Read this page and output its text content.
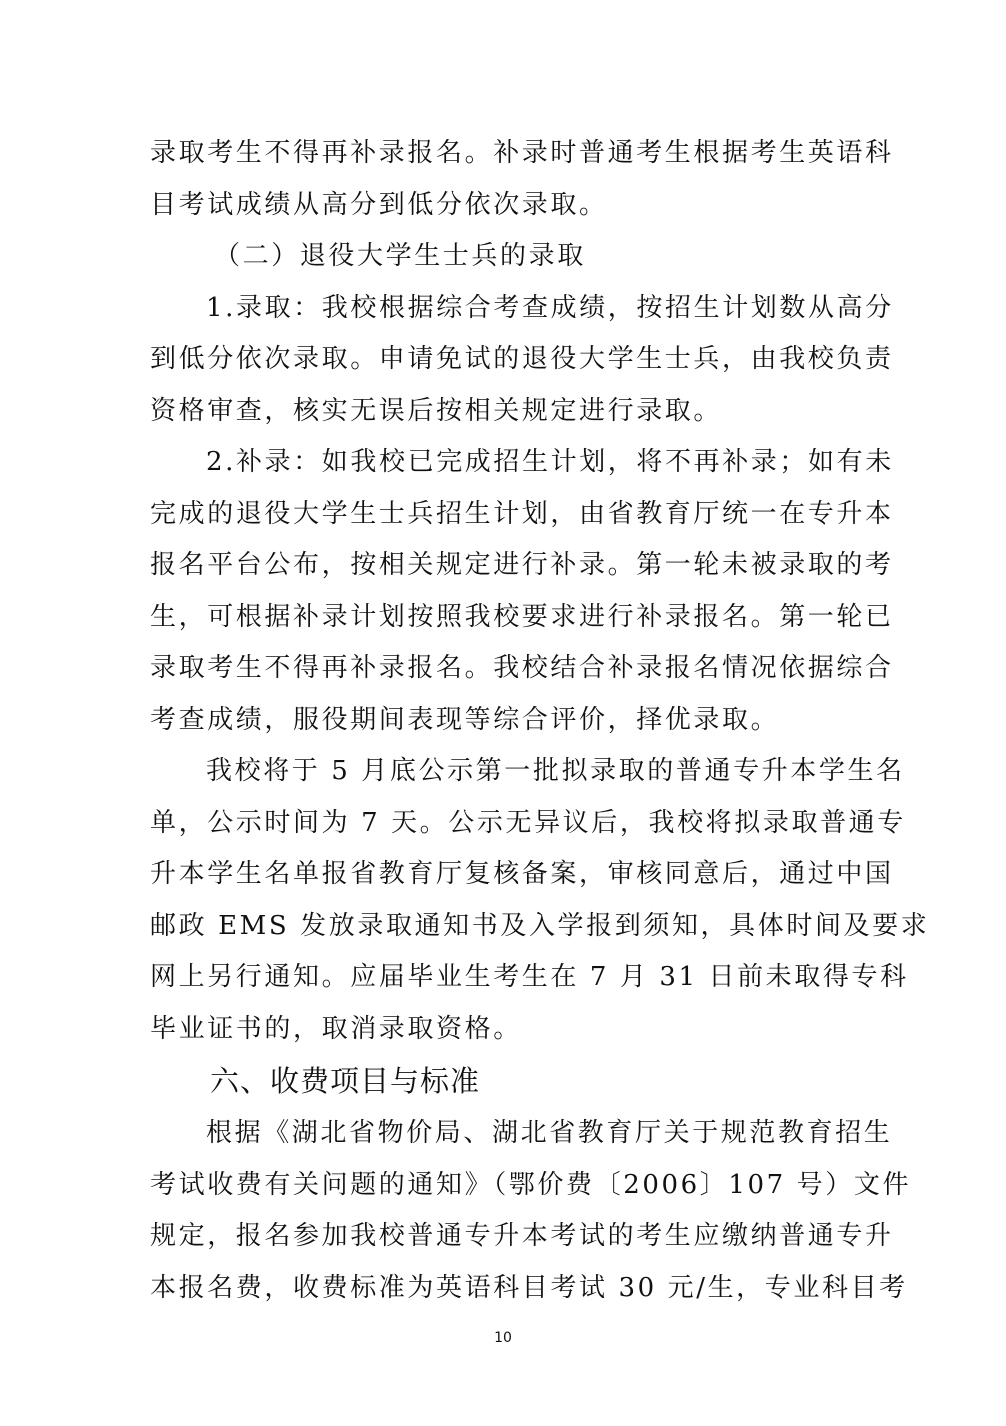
录取考生不得再补录报名。补录时普通考生根据考生英语科
目考试成绩从高分到低分依次录取。
（二）退役大学生士兵的录取
1.录取：我校根据综合考查成绩，按招生计划数从高分
到低分依次录取。申请免试的退役大学生士兵，由我校负责
资格审查，核实无误后按相关规定进行录取。
2.补录：如我校已完成招生计划，将不再补录；如有未
完成的退役大学生士兵招生计划，由省教育厅统一在专升本
报名平台公布，按相关规定进行补录。第一轮未被录取的考
生，可根据补录计划按照我校要求进行补录报名。第一轮已
录取考生不得再补录报名。我校结合补录报名情况依据综合
考查成绩，服役期间表现等综合评价，择优录取。
我校将于 5 月底公示第一批拟录取的普通专升本学生名
单，公示时间为 7 天。公示无异议后，我校将拟录取普通专
升本学生名单报省教育厅复核备案，审核同意后，通过中国
邮政 EMS 发放录取通知书及入学报到须知，具体时间及要求
网上另行通知。应届毕业生考生在 7 月 31 日前未取得专科
毕业证书的，取消录取资格。
六、收费项目与标准
根据《湖北省物价局、湖北省教育厅关于规范教育招生
考试收费有关问题的通知》（鄂价费〔2006〕107 号）文件
规定，报名参加我校普通专升本考试的考生应缴纳普通专升
本报名费，收费标准为英语科目考试 30 元/生，专业科目考
10
